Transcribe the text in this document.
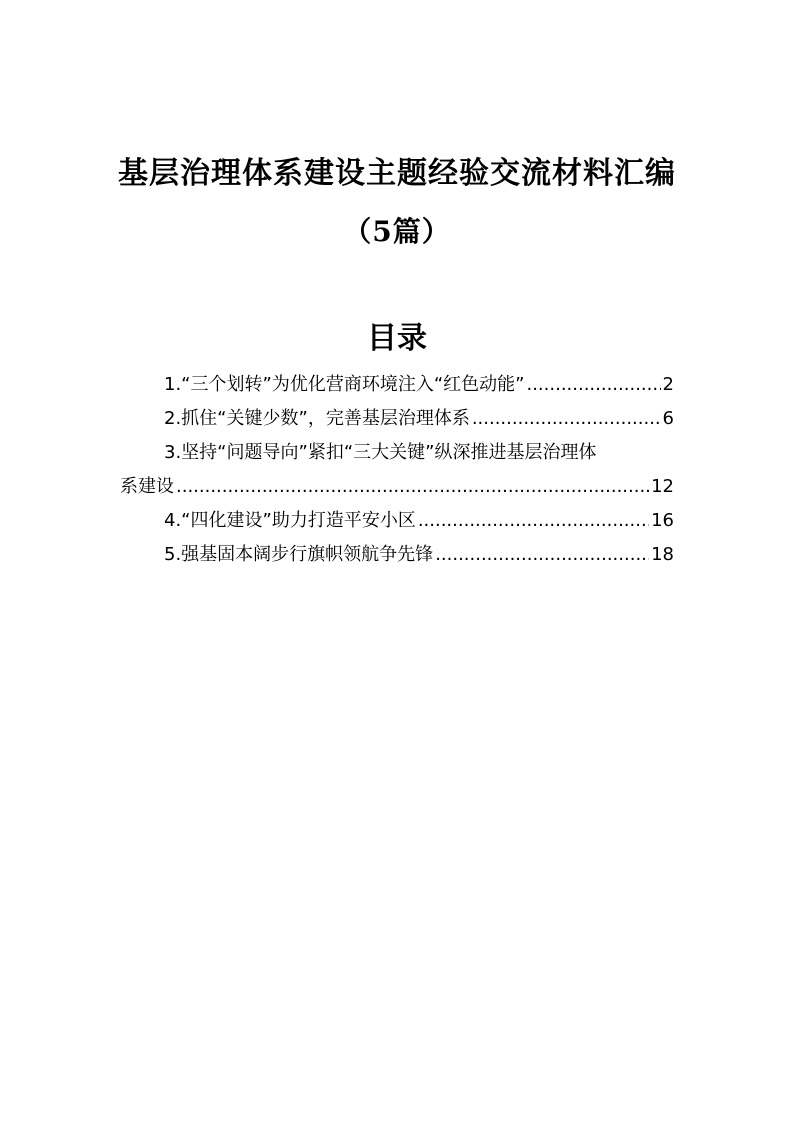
基层治理体系建设主题经验交流材料汇编
（5篇）
目录
1.“三个划转”为优化营商环境注入“红色动能” .....	2
2.抓住“关键少数”，完善基层治理体系 .....	6
3.坚持“问题导向”紧扣“三大关键”纵深推进基层治理体
系建设 .....	12
4.“四化建设”助力打造平安小区 .....	16
5.强基固本阔步行旗帜领航争先锋 .....	18
